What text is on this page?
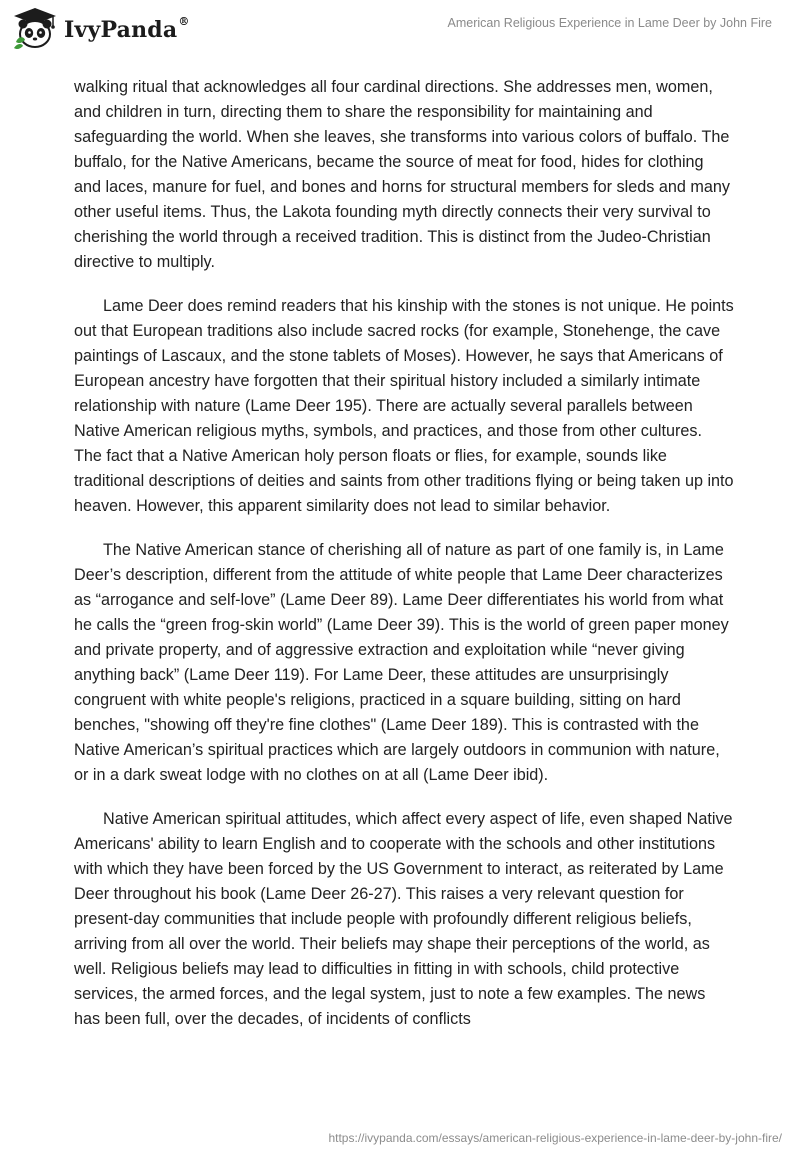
IvyPanda®	American Religious Experience in Lame Deer by John Fire

walking ritual that acknowledges all four cardinal directions. She addresses men, women, and children in turn, directing them to share the responsibility for maintaining and safeguarding the world. When she leaves, she transforms into various colors of buffalo. The buffalo, for the Native Americans, became the source of meat for food, hides for clothing and laces, manure for fuel, and bones and horns for structural members for sleds and many other useful items. Thus, the Lakota founding myth directly connects their very survival to cherishing the world through a received tradition. This is distinct from the Judeo-Christian directive to multiply.

Lame Deer does remind readers that his kinship with the stones is not unique. He points out that European traditions also include sacred rocks (for example, Stonehenge, the cave paintings of Lascaux, and the stone tablets of Moses). However, he says that Americans of European ancestry have forgotten that their spiritual history included a similarly intimate relationship with nature (Lame Deer 195). There are actually several parallels between Native American religious myths, symbols, and practices, and those from other cultures. The fact that a Native American holy person floats or flies, for example, sounds like traditional descriptions of deities and saints from other traditions flying or being taken up into heaven. However, this apparent similarity does not lead to similar behavior.

The Native American stance of cherishing all of nature as part of one family is, in Lame Deer’s description, different from the attitude of white people that Lame Deer characterizes as “arrogance and self-love” (Lame Deer 89). Lame Deer differentiates his world from what he calls the “green frog-skin world” (Lame Deer 39). This is the world of green paper money and private property, and of aggressive extraction and exploitation while “never giving anything back” (Lame Deer 119). For Lame Deer, these attitudes are unsurprisingly congruent with white people's religions, practiced in a square building, sitting on hard benches, "showing off they're fine clothes" (Lame Deer 189). This is contrasted with the Native American’s spiritual practices which are largely outdoors in communion with nature, or in a dark sweat lodge with no clothes on at all (Lame Deer ibid).

Native American spiritual attitudes, which affect every aspect of life, even shaped Native Americans' ability to learn English and to cooperate with the schools and other institutions with which they have been forced by the US Government to interact, as reiterated by Lame Deer throughout his book (Lame Deer 26-27). This raises a very relevant question for present-day communities that include people with profoundly different religious beliefs, arriving from all over the world. Their beliefs may shape their perceptions of the world, as well. Religious beliefs may lead to difficulties in fitting in with schools, child protective services, the armed forces, and the legal system, just to note a few examples. The news has been full, over the decades, of incidents of conflicts

https://ivypanda.com/essays/american-religious-experience-in-lame-deer-by-john-fire/
